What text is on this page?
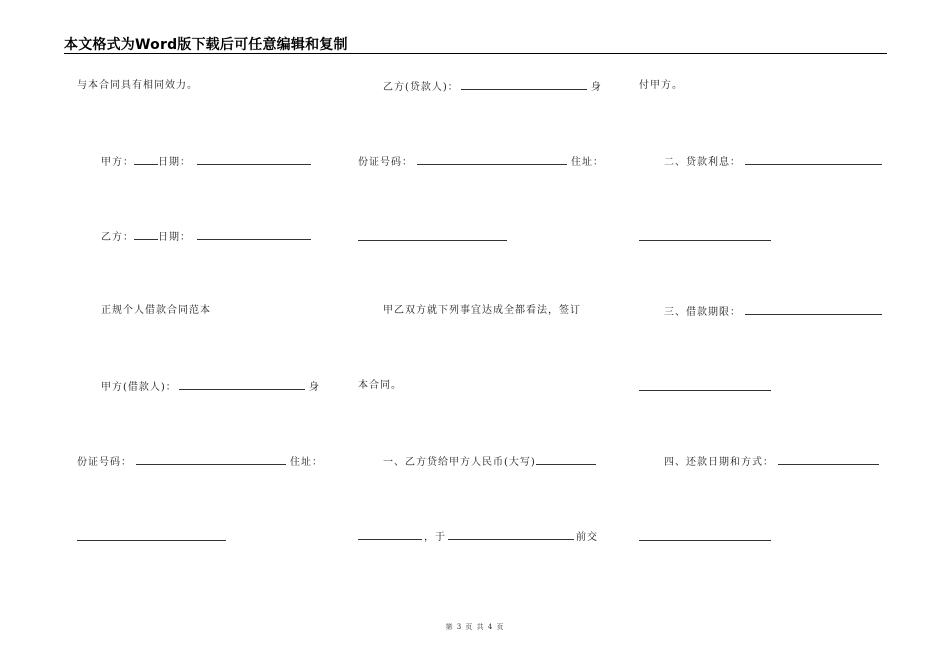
本文格式为Word版下载后可任意编辑和复制
与本合同具有相同效力。
甲方： 日期：
乙方： 日期：
正规个人借款合同范本
甲方(借款人)：	身
份证号码：	住址：
乙方(贷款人)：	身
份证号码：	住址：
甲乙双方就下列事宜达成全都看法，签订
本合同。
一、乙方贷给甲方人民币(大写)
，于	前交
付甲方。
二、贷款利息：
三、借款期限：
四、还款日期和方式：
第 3 页 共 4 页
